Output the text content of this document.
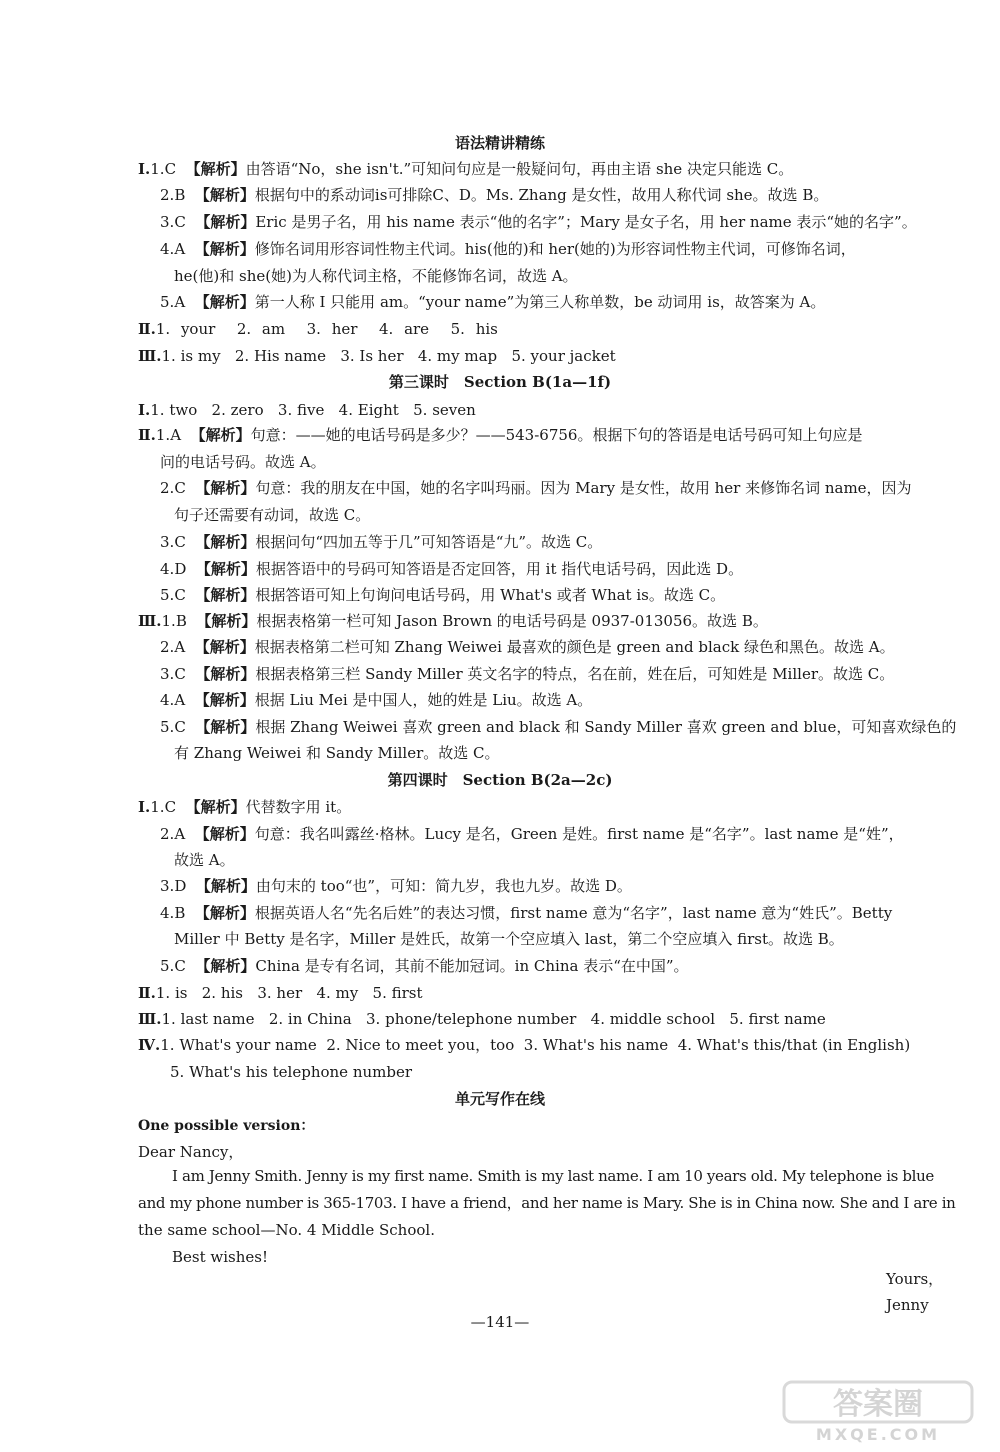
语法精讲精练
Ⅰ.1.C 【解析】由答语“No，she isn't.”可知问句应是一般疑问句，再由主语 she 决定只能选 C。
2.B 【解析】根据句中的系动词is可排除C、D。Ms. Zhang 是女性，故用人称代词 she。故选 B。
3.C 【解析】Eric 是男子名，用 his name 表示“他的名字”；Mary 是女子名，用 her name 表示“她的名字”。
4.A 【解析】修饰名词用形容词性物主代词。his(他的)和 her(她的)为形容词性物主代词，可修饰名词，
he(他)和 she(她)为人称代词主格，不能修饰名词，故选 A。
5.A 【解析】第一人称 I 只能用 am。“your name”为第三人称单数，be 动词用 is，故答案为 A。
Ⅱ.1. your 2. am 3. her 4. are 5. his
Ⅲ.1. is my 2. His name 3. Is her 4. my map 5. your jacket
第三课时　Section B(1a—1f)
Ⅰ.1. two 2. zero 3. five 4. Eight 5. seven
Ⅱ.1.A 【解析】句意：——她的电话号码是多少？——543-6756。根据下句的答语是电话号码可知上句应是
问的电话号码。故选 A。
2.C 【解析】句意：我的朋友在中国，她的名字叫玛丽。因为 Mary 是女性，故用 her 来修饰名词 name，因为
句子还需要有动词，故选 C。
3.C 【解析】根据问句“四加五等于几”可知答语是“九”。故选 C。
4.D 【解析】根据答语中的号码可知答语是否定回答，用 it 指代电话号码，因此选 D。
5.C 【解析】根据答语可知上句询问电话号码，用 What's 或者 What is。故选 C。
Ⅲ.1.B 【解析】根据表格第一栏可知 Jason Brown 的电话号码是 0937-013056。故选 B。
2.A 【解析】根据表格第二栏可知 Zhang Weiwei 最喜欢的颜色是 green and black 绿色和黑色。故选 A。
3.C 【解析】根据表格第三栏 Sandy Miller 英文名字的特点，名在前，姓在后，可知姓是 Miller。故选 C。
4.A 【解析】根据 Liu Mei 是中国人，她的姓是 Liu。故选 A。
5.C 【解析】根据 Zhang Weiwei 喜欢 green and black 和 Sandy Miller 喜欢 green and blue，可知喜欢绿色的
有 Zhang Weiwei 和 Sandy Miller。故选 C。
第四课时　Section B(2a—2c)
Ⅰ.1.C 【解析】代替数字用 it。
2.A 【解析】句意：我名叫露丝·格林。Lucy 是名，Green 是姓。first name 是“名字”。last name 是“姓”，
故选 A。
3.D 【解析】由句末的 too“也”，可知：简九岁，我也九岁。故选 D。
4.B 【解析】根据英语人名“先名后姓”的表达习惯，first name 意为“名字”，last name 意为“姓氏”。Betty
Miller 中 Betty 是名字，Miller 是姓氏，故第一个空应填入 last，第二个空应填入 first。故选 B。
5.C 【解析】China 是专有名词，其前不能加冠词。in China 表示“在中国”。
Ⅱ.1. is 2. his 3. her 4. my 5. first
Ⅲ.1. last name 2. in China 3. phone/telephone number 4. middle school 5. first name
Ⅳ.1. What's your name 2. Nice to meet you，too 3. What's his name 4. What's this/that (in English)
5. What's his telephone number
单元写作在线
One possible version：
Dear Nancy，
I am Jenny Smith. Jenny is my first name. Smith is my last name. I am 10 years old. My telephone is blue
and my phone number is 365-1703. I have a friend，and her name is Mary. She is in China now. She and I are in
the same school—No. 4 Middle School.
Best wishes!
Yours，
Jenny
—141—
答案圈
MXQE.COM
